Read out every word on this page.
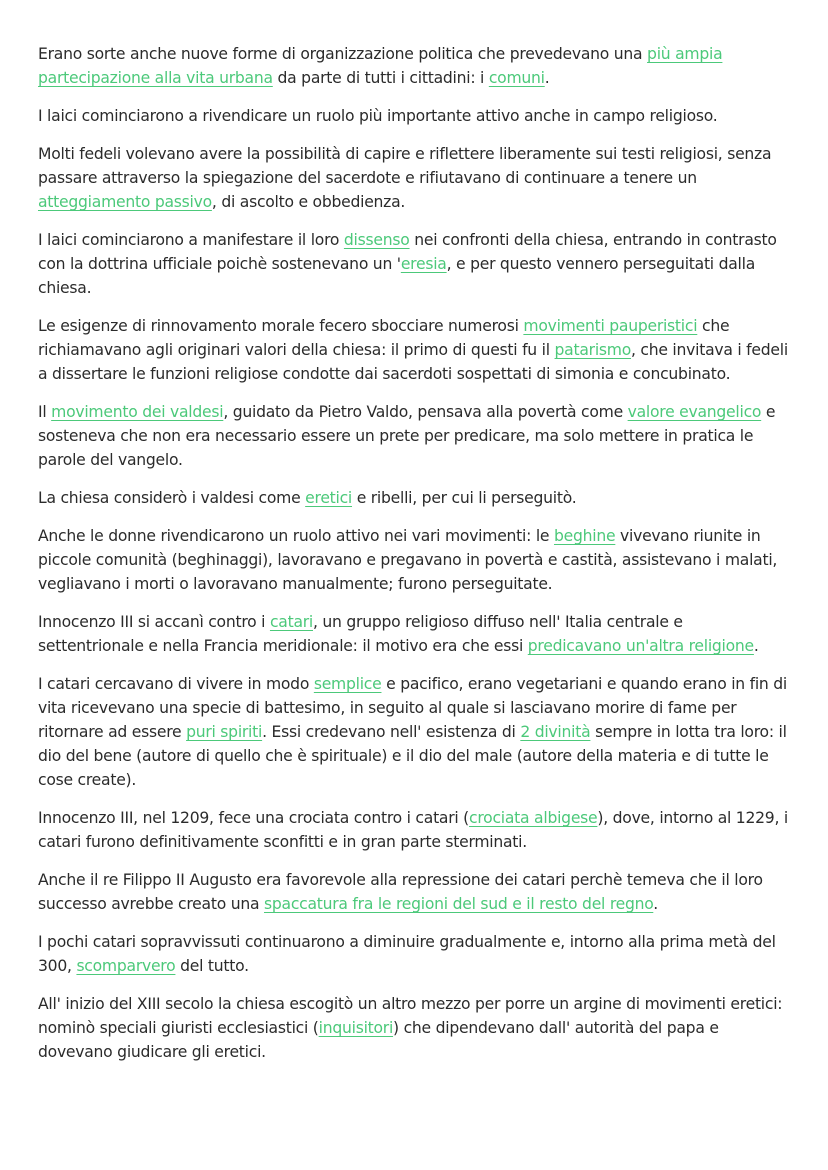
Erano sorte anche nuove forme di organizzazione politica che prevedevano una più ampia partecipazione alla vita urbana da parte di tutti i cittadini: i comuni.

I laici cominciarono a rivendicare un ruolo più importante attivo anche in campo religioso.

Molti fedeli volevano avere la possibilità di capire e riflettere liberamente sui testi religiosi, senza passare attraverso la spiegazione del sacerdote e rifiutavano di continuare a tenere un atteggiamento passivo, di ascolto e obbedienza.

I laici cominciarono a manifestare il loro dissenso nei confronti della chiesa, entrando in contrasto con la dottrina ufficiale poichè sostenevano un 'eresia, e per questo vennero perseguitati dalla chiesa.

Le esigenze di rinnovamento morale fecero sbocciare numerosi movimenti pauperistici che richiamavano agli originari valori della chiesa: il primo di questi fu il patarismo, che invitava i fedeli a dissertare le funzioni religiose condotte dai sacerdoti sospettati di simonia e concubinato.

Il movimento dei valdesi, guidato da Pietro Valdo, pensava alla povertà come valore evangelico e sosteneva che non era necessario essere un prete per predicare, ma solo mettere in pratica le parole del vangelo.

La chiesa considerò i valdesi come eretici e ribelli, per cui li perseguitò.

Anche le donne rivendicarono un ruolo attivo nei vari movimenti: le beghine vivevano riunite in piccole comunità (beghinaggi), lavoravano e pregavano in povertà e castità, assistevano i malati, vegliavano i morti o lavoravano manualmente; furono perseguitate.

Innocenzo III si accanì contro i catari, un gruppo religioso diffuso nell' Italia centrale e settentrionale e nella Francia meridionale: il motivo era che essi predicavano un'altra religione.

I catari cercavano di vivere in modo semplice e pacifico, erano vegetariani e quando erano in fin di vita ricevevano una specie di battesimo, in seguito al quale si lasciavano morire di fame per ritornare ad essere puri spiriti. Essi credevano nell' esistenza di 2 divinità sempre in lotta tra loro: il dio del bene (autore di quello che è spirituale) e il dio del male (autore della materia e di tutte le cose create).

Innocenzo III, nel 1209, fece una crociata contro i catari (crociata albigese), dove, intorno al 1229, i catari furono definitivamente sconfitti e in gran parte sterminati.

Anche il re Filippo II Augusto era favorevole alla repressione dei catari perchè temeva che il loro successo avrebbe creato una spaccatura fra le regioni del sud e il resto del regno.

I pochi catari sopravvissuti continuarono a diminuire gradualmente e, intorno alla prima metà del 300, scomparvero del tutto.

All' inizio del XIII secolo la chiesa escogitò un altro mezzo per porre un argine di movimenti eretici: nominò speciali giuristi ecclesiastici (inquisitori) che dipendevano dall' autorità del papa e dovevano giudicare gli eretici.
